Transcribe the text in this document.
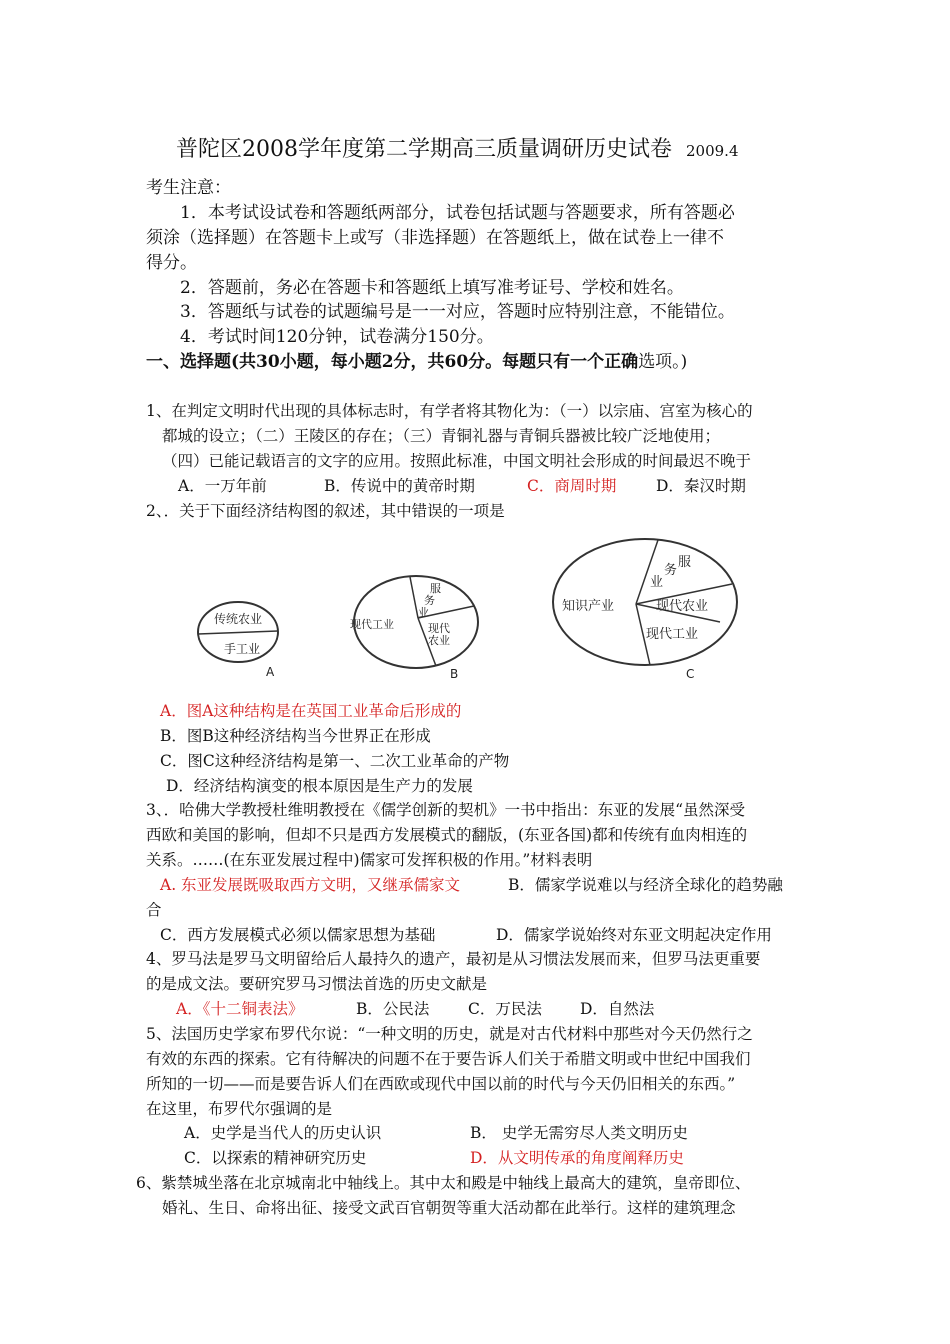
普陀区2008学年度第二学期高三质量调研历史试卷 2009.4
考生注意：
1．本考试设试卷和答题纸两部分，试卷包括试题与答题要求，所有答题必
须涂（选择题）在答题卡上或写（非选择题）在答题纸上，做在试卷上一律不
得分。
2．答题前，务必在答题卡和答题纸上填写准考证号、学校和姓名。
3．答题纸与试卷的试题编号是一一对应，答题时应特别注意，不能错位。
4．考试时间120分钟，试卷满分150分。
一、选择题(共30小题，每小题2分，共60分。每题只有一个正确选项。)
1、在判定文明时代出现的具体标志时，有学者将其物化为：（一）以宗庙、宫室为核心的
都城的设立；（二）王陵区的存在；（三）青铜礼器与青铜兵器被比较广泛地使用；
（四）已能记载语言的文字的应用。按照此标准，中国文明社会形成的时间最迟不晚于
A．一万年前	B．传说中的黄帝时期	C．商周时期	D．秦汉时期
2、．关于下面经济结构图的叙述，其中错误的一项是
传统农业
手工业
A
服
务
业
现代工业	现代
农业
B
服
务
业
知识产业	现代农业
现代工业
C
A．图A这种结构是在英国工业革命后形成的
B．图B这种经济结构当今世界正在形成
C．图C这种经济结构是第一、二次工业革命的产物
D．经济结构演变的根本原因是生产力的发展
3、．哈佛大学教授杜维明教授在《儒学创新的契机》一书中指出：东亚的发展“虽然深受
西欧和美国的影响，但却不只是西方发展模式的翻版，(东亚各国)都和传统有血肉相连的
关系。……(在东亚发展过程中)儒家可发挥积极的作用。”材料表明
A. 东亚发展既吸取西方文明，又继承儒家文	B．儒家学说难以与经济全球化的趋势融
合
C．西方发展模式必须以儒家思想为基础	D．儒家学说始终对东亚文明起决定作用
4、罗马法是罗马文明留给后人最持久的遗产，最初是从习惯法发展而来，但罗马法更重要
的是成文法。要研究罗马习惯法首选的历史文献是
A．《十二铜表法》	B．公民法 C．万民法 D．自然法
5、法国历史学家布罗代尔说：“一种文明的历史，就是对古代材料中那些对今天仍然行之
有效的东西的探索。它有待解决的问题不在于要告诉人们关于希腊文明或中世纪中国我们
所知的一切——而是要告诉人们在西欧或现代中国以前的时代与今天仍旧相关的东西。”
在这里，布罗代尔强调的是
A．史学是当代人的历史认识	B． 史学无需穷尽人类文明历史
C．以探索的精神研究历史	D．从文明传承的角度阐释历史
6、紫禁城坐落在北京城南北中轴线上。其中太和殿是中轴线上最高大的建筑，皇帝即位、
婚礼、生日、命将出征、接受文武百官朝贺等重大活动都在此举行。这样的建筑理念
